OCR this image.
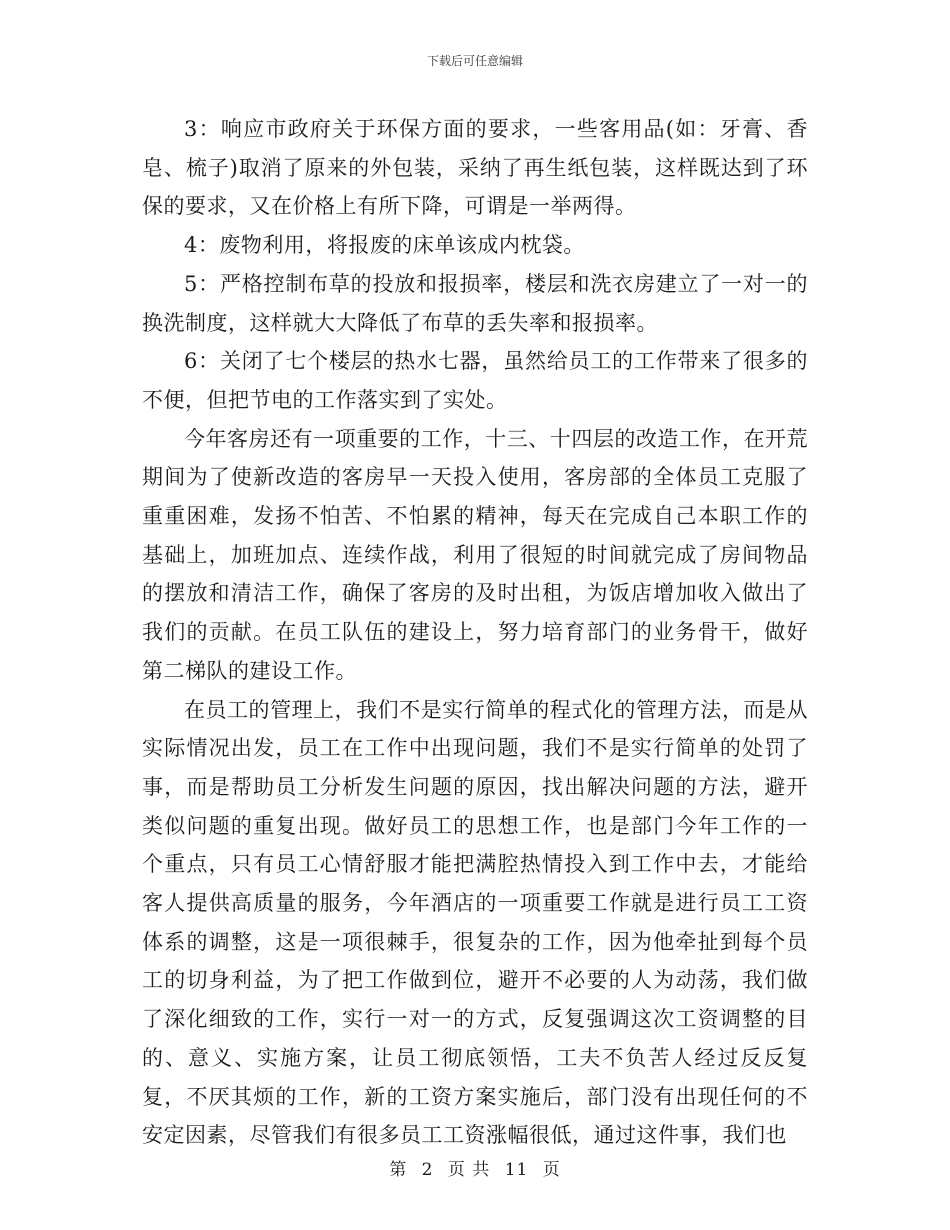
下载后可任意编辑

3：响应市政府关于环保方面的要求，一些客用品(如：牙膏、香皂、梳子)取消了原来的外包装，采纳了再生纸包装，这样既达到了环保的要求，又在价格上有所下降，可谓是一举两得。

4：废物利用，将报废的床单该成内枕袋。

5：严格控制布草的投放和报损率，楼层和洗衣房建立了一对一的换洗制度，这样就大大降低了布草的丢失率和报损率。

6：关闭了七个楼层的热水七器，虽然给员工的工作带来了很多的不便，但把节电的工作落实到了实处。

今年客房还有一项重要的工作，十三、十四层的改造工作，在开荒期间为了使新改造的客房早一天投入使用，客房部的全体员工克服了重重困难，发扬不怕苦、不怕累的精神，每天在完成自己本职工作的基础上，加班加点、连续作战，利用了很短的时间就完成了房间物品的摆放和清洁工作，确保了客房的及时出租，为饭店增加收入做出了我们的贡献。在员工队伍的建设上，努力培育部门的业务骨干，做好第二梯队的建设工作。

在员工的管理上，我们不是实行简单的程式化的管理方法，而是从实际情况出发，员工在工作中出现问题，我们不是实行简单的处罚了事，而是帮助员工分析发生问题的原因，找出解决问题的方法，避开类似问题的重复出现。做好员工的思想工作，也是部门今年工作的一个重点，只有员工心情舒服才能把满腔热情投入到工作中去，才能给客人提供高质量的服务，今年酒店的一项重要工作就是进行员工工资体系的调整，这是一项很棘手，很复杂的工作，因为他牵扯到每个员工的切身利益，为了把工作做到位，避开不必要的人为动荡，我们做了深化细致的工作，实行一对一的方式，反复强调这次工资调整的目的、意义、实施方案，让员工彻底领悟，工夫不负苦人经过反反复复，不厌其烦的工作，新的工资方案实施后，部门没有出现任何的不安定因素，尽管我们有很多员工工资涨幅很低，通过这件事，我们也

第 2 页 共 11 页
